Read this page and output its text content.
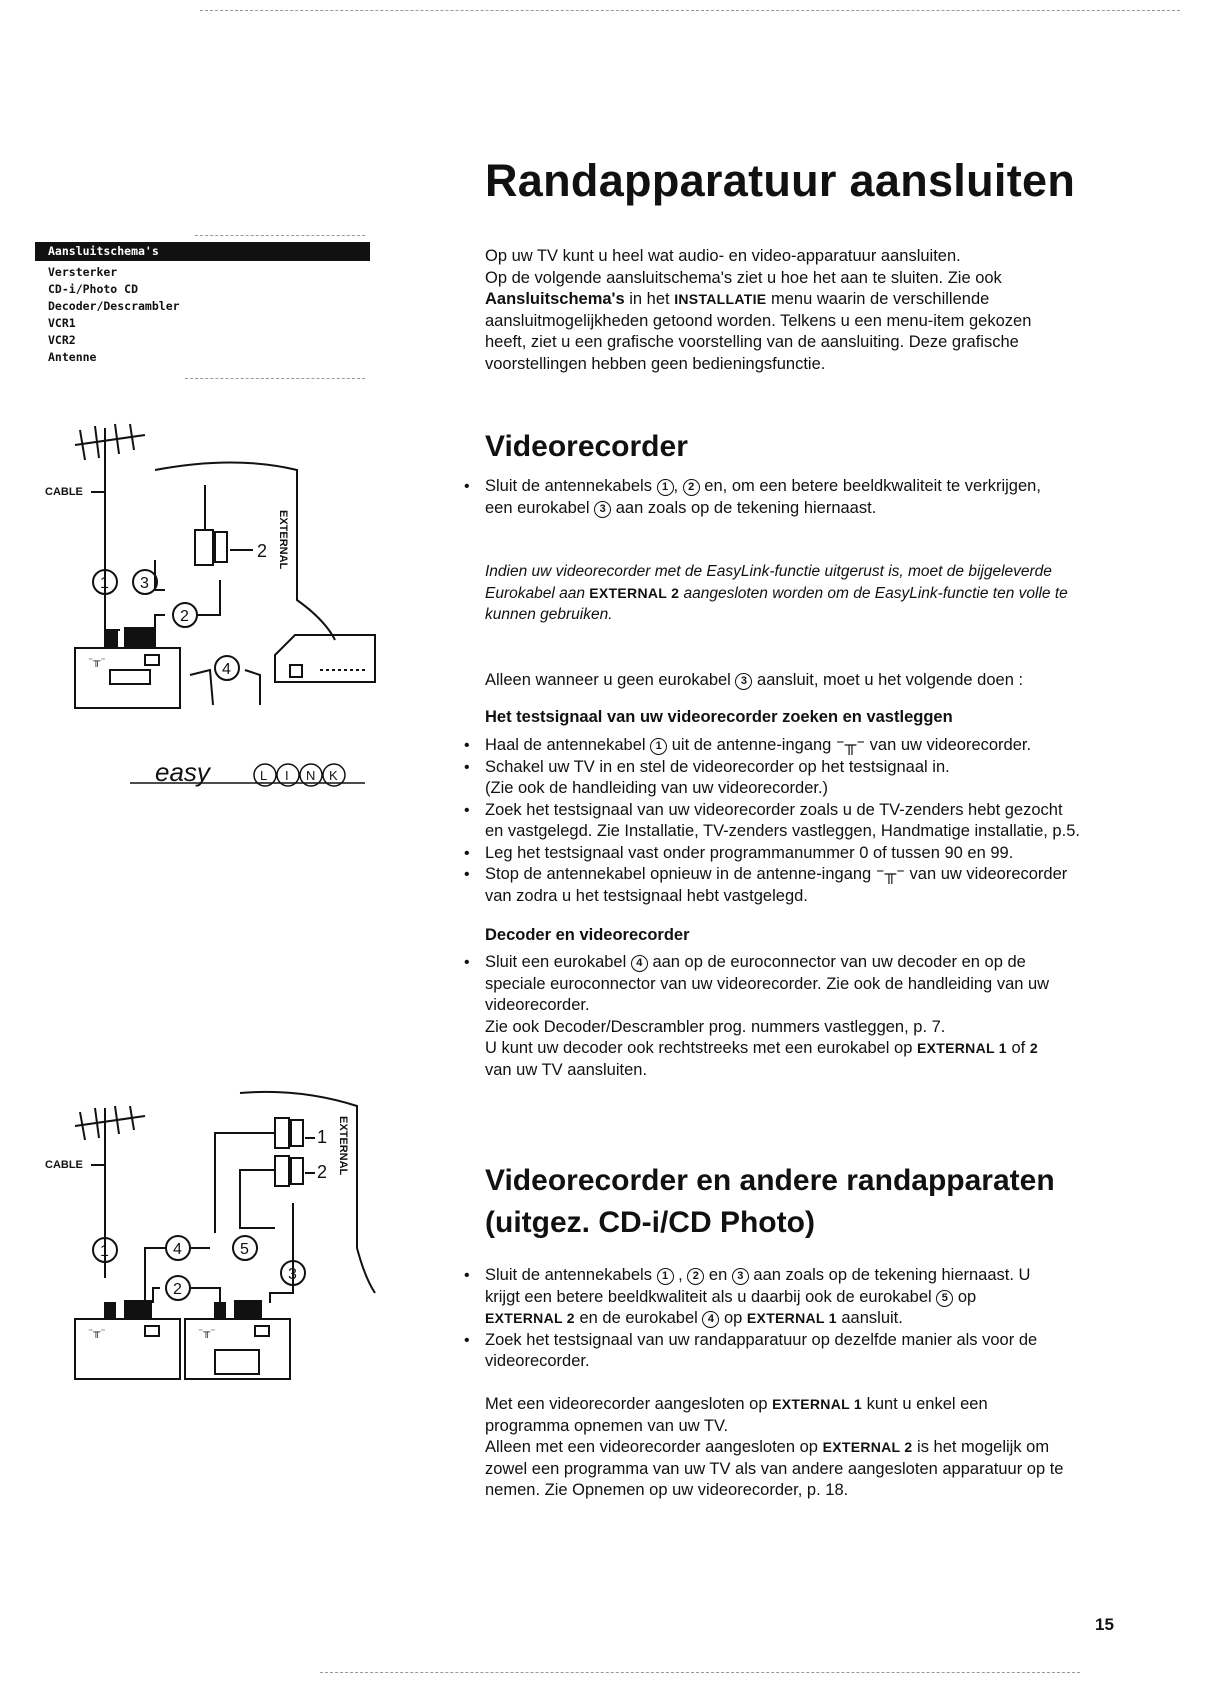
Randapparatuur aansluiten
Aansluitschema's
Versterker
CD-i/Photo CD
Decoder/Descrambler
VCR1
VCR2
Antenne
Op uw TV kunt u heel wat audio- en video-apparatuur aansluiten.
Op de volgende aansluitschema's ziet u hoe het aan te sluiten. Zie ook
Aansluitschema's in het INSTALLATIE menu waarin de verschillende
aansluitmogelijkheden getoond worden. Telkens u een menu-item gekozen
heeft, ziet u een grafische voorstelling van de aansluiting. Deze grafische
voorstellingen hebben geen bedieningsfunctie.
Videorecorder
• Sluit de antennekabels 1 , 2 en, om een betere beeldkwaliteit te verkrijgen,
een eurokabel 3 aan zoals op de tekening hiernaast.
Indien uw videorecorder met de EasyLink-functie uitgerust is, moet de bijgeleverde
Eurokabel aan EXTERNAL 2 aangesloten worden om de EasyLink-functie ten volle te
kunnen gebruiken.
Alleen wanneer u geen eurokabel 3 aansluit, moet u het volgende doen :
Het testsignaal van uw videorecorder zoeken en vastleggen
• Haal de antennekabel 1 uit de antenne-ingang ⁻╥⁻ van uw videorecorder.
• Schakel uw TV in en stel de videorecorder op het testsignaal in.
(Zie ook de handleiding van uw videorecorder.)
• Zoek het testsignaal van uw videorecorder zoals u de TV-zenders hebt gezocht
en vastgelegd. Zie Installatie, TV-zenders vastleggen, Handmatige installatie, p.5.
• Leg het testsignaal vast onder programmanummer 0 of tussen 90 en 99.
• Stop de antennekabel opnieuw in de antenne-ingang ⁻╥⁻ van uw videorecorder
van zodra u het testsignaal hebt vastgelegd.
Decoder en videorecorder
• Sluit een eurokabel 4 aan op de euroconnector van uw decoder en op de
speciale euroconnector van uw videorecorder. Zie ook de handleiding van uw
videorecorder.
Zie ook Decoder/Descrambler prog. nummers vastleggen, p. 7.
U kunt uw decoder ook rechtstreeks met een eurokabel op EXTERNAL 1 of 2
van uw TV aansluiten.
Videorecorder en andere randapparaten
(uitgez. CD-i/CD Photo)
• Sluit de antennekabels 1 , 2 en 3 aan zoals op de tekening hiernaast. U
krijgt een betere beeldkwaliteit als u daarbij ook de eurokabel 5 op
EXTERNAL 2 en de eurokabel 4 op EXTERNAL 1 aansluit.
• Zoek het testsignaal van uw randapparatuur op dezelfde manier als voor de
videorecorder.
Met een videorecorder aangesloten op EXTERNAL 1 kunt u enkel een
programma opnemen van uw TV.
Alleen met een videorecorder aangesloten op EXTERNAL 2 is het mogelijk om
zowel een programma van uw TV als van andere aangesloten apparatuur op te
nemen. Zie Opnemen op uw videorecorder, p. 18.
15
CABLE
2 EXTERNAL
1 3
2
⁻╥⁻	4
easy	L I N K
CABLE
1
2 EXTERNAL
1	4	5
3
2
⁻╥⁻	⁻╥⁻
